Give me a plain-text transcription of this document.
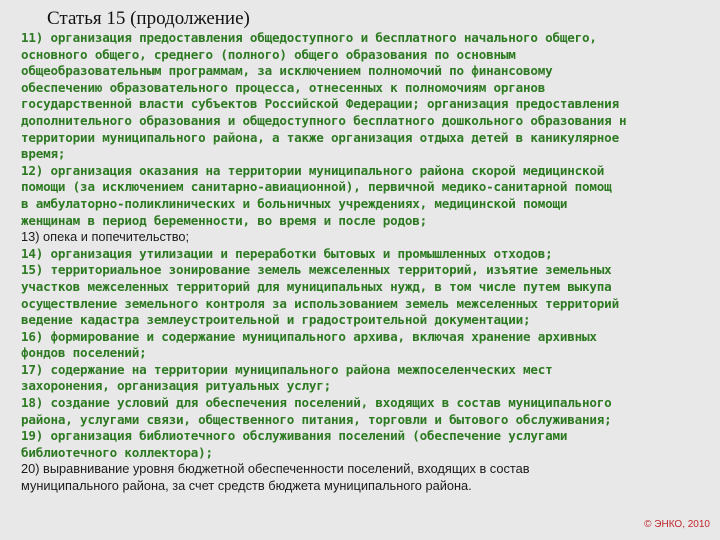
Статья 15 (продолжение)
11) организация предоставления общедоступного и бесплатного начального общего,
основного общего, среднего (полного) общего образования по основным
общеобразовательным программам, за исключением полномочий по финансовому
обеспечению образовательного процесса, отнесенных к полномочиям органов
государственной власти субъектов Российской Федерации; организация предоставления
дополнительного образования и общедоступного бесплатного дошкольного образования н
территории муниципального района, а также организация отдыха детей в каникулярное
время;
12) организация оказания на территории муниципального района скорой медицинской
помощи (за исключением санитарно-авиационной), первичной медико-санитарной помощ
в амбулаторно-поликлинических и больничных учреждениях, медицинской помощи
женщинам в период беременности, во время и после родов;
13) опека и попечительство;
14) организация утилизации и переработки бытовых и промышленных отходов;
15) территориальное зонирование земель межселенных территорий, изъятие земельных
участков межселенных территорий для муниципальных нужд, в том числе путем выкупа
осуществление земельного контроля за использованием земель межселенных территорий
ведение кадастра землеустроительной и градостроительной документации;
16) формирование и содержание муниципального архива, включая хранение архивных
фондов поселений;
17) содержание на территории муниципального района межпоселенческих мест
захоронения, организация ритуальных услуг;
18) создание условий для обеспечения поселений, входящих в состав муниципального
района, услугами связи, общественного питания, торговли и бытового обслуживания;
19) организация библиотечного обслуживания поселений (обеспечение услугами
библиотечного коллектора);
20) выравнивание уровня бюджетной обеспеченности поселений, входящих в состав
муниципального района, за счет средств бюджета муниципального района.
© ЭНКО, 2010
